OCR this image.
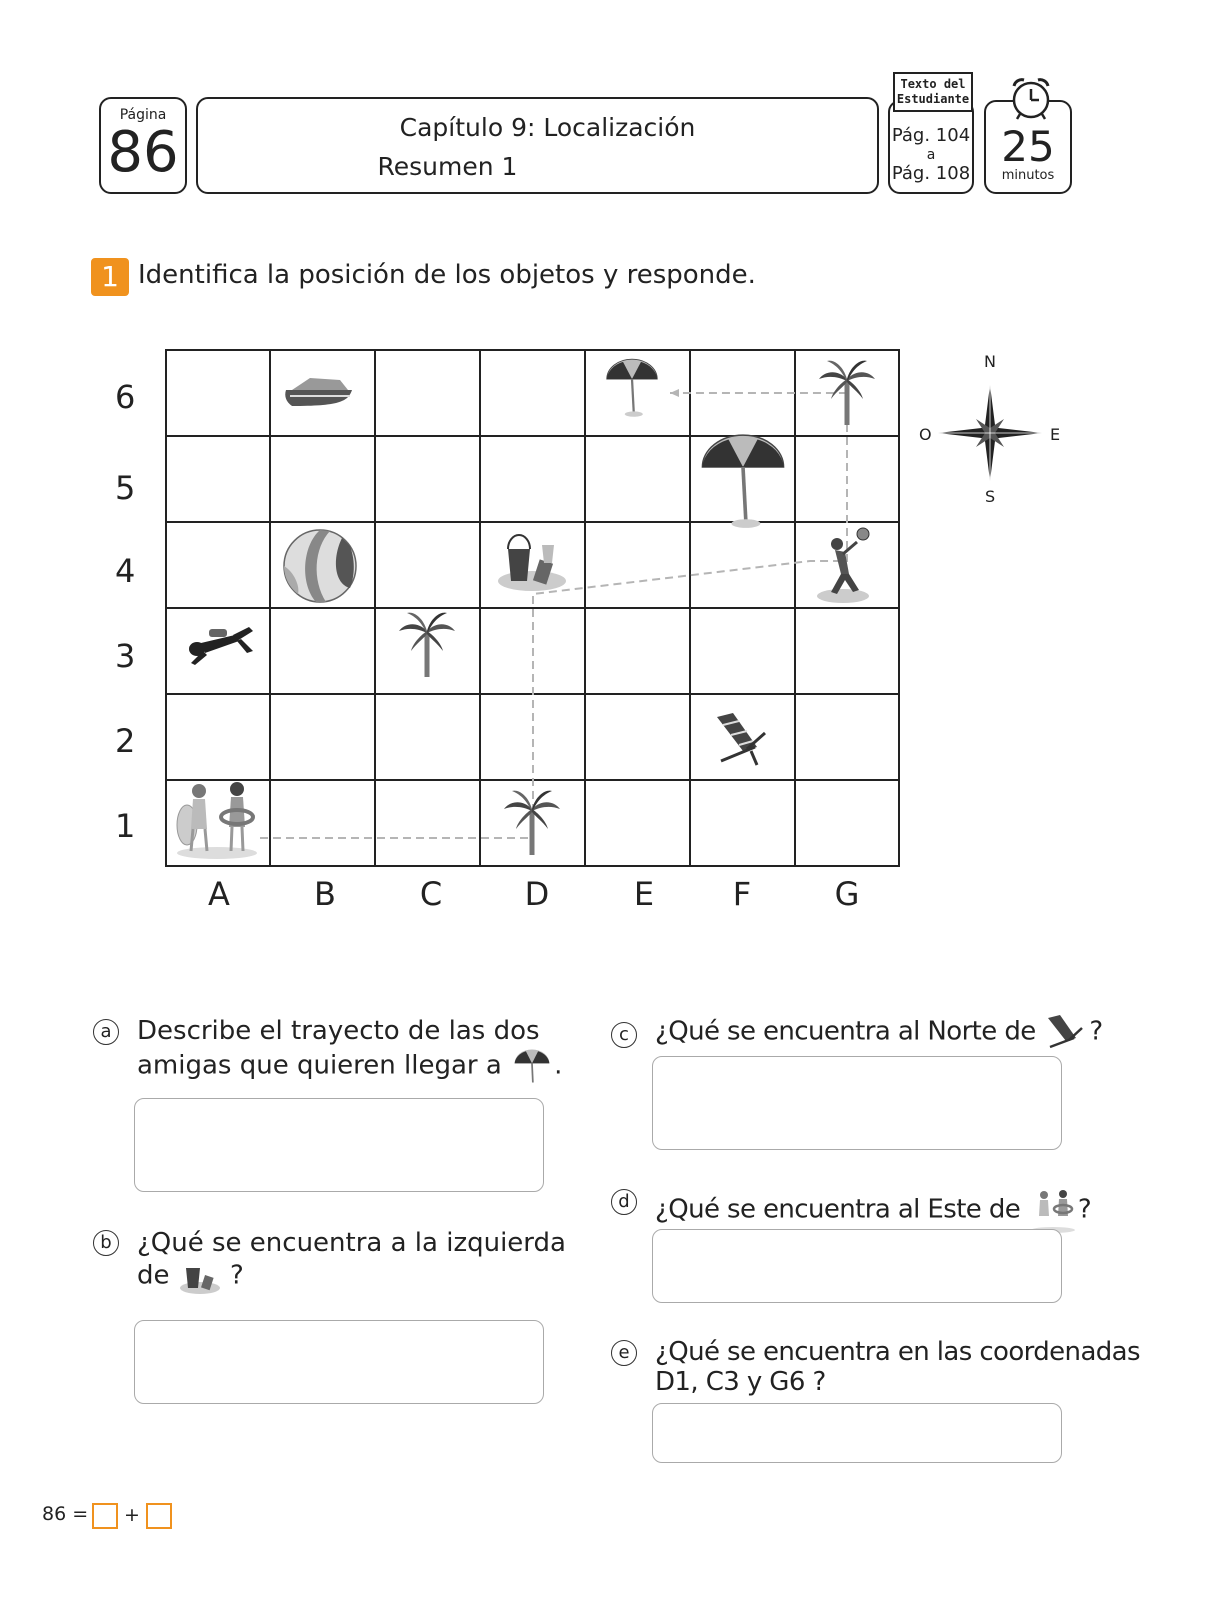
Página
86	Capítulo 9: Localización
Resumen 1
Pág. 104
a
Pág. 108
Texto del Estudiante
25
minutos
1 Identifica la posición de los objetos y responde.
6
5
4
3
2
1
A	B	C	D	E	F	G
N
S
E
O
a Describe el trayecto de las dos
amigas que quieren llegar a .
b ¿Qué se encuentra a la izquierda
de ?
c	¿Qué se encuentra al Norte de ?
d ¿Qué se encuentra al Este de ?
e ¿Qué se encuentra en las coordenadas
D1, C3 y G6 ?
86 = +
